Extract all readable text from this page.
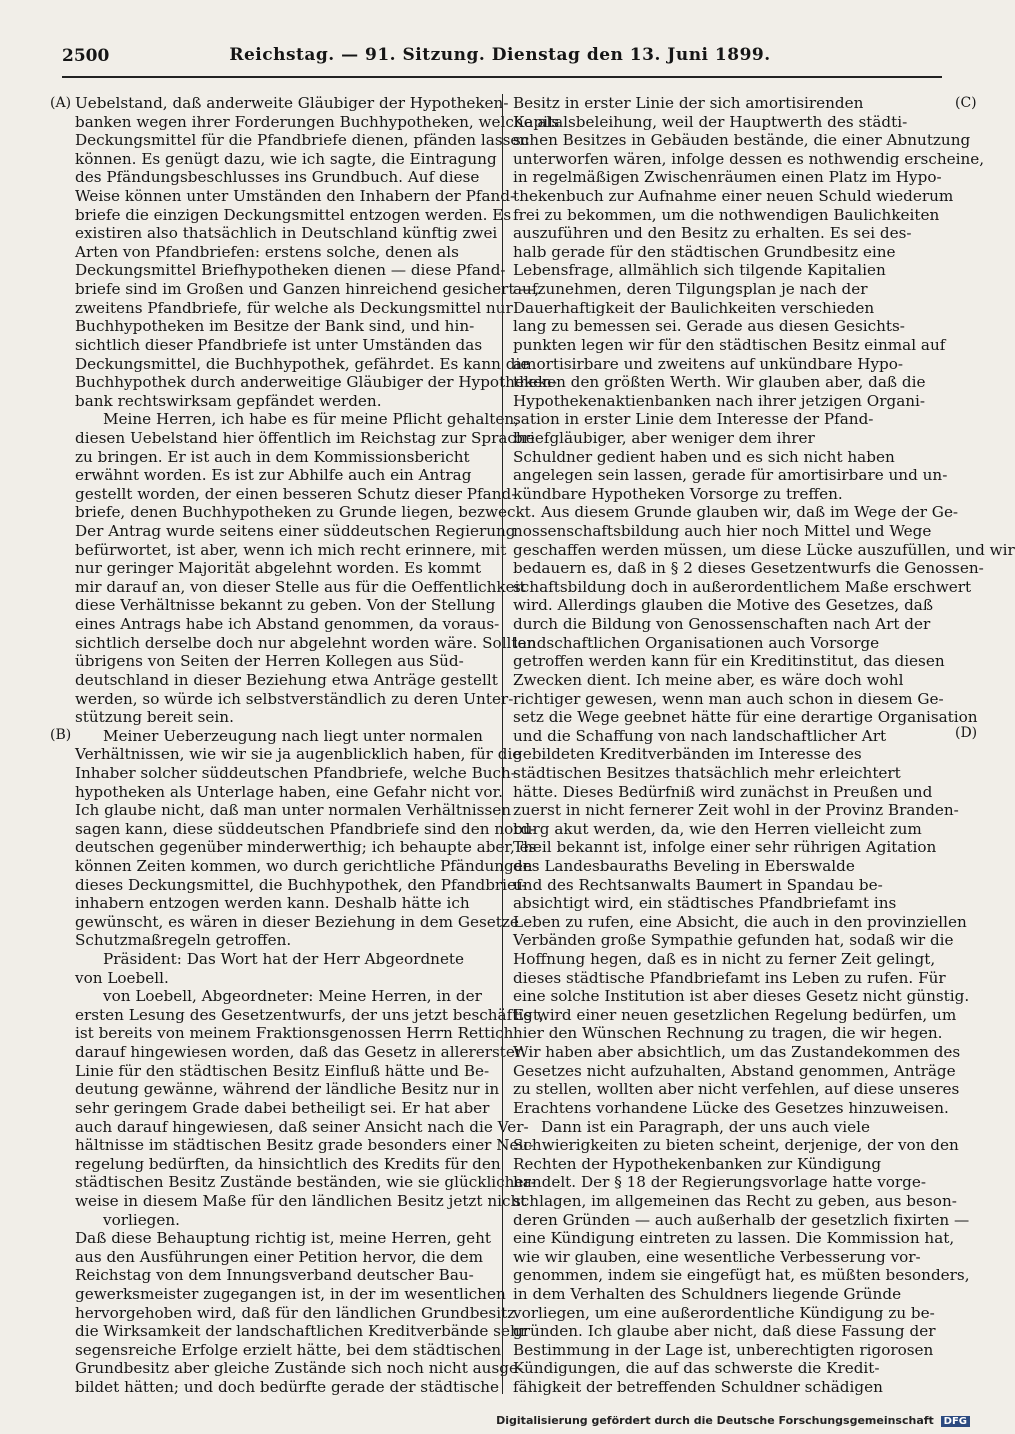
2500	Reichstag. — 91. Sitzung. Dienstag den 13. Juni 1899.
(A)
(B)
(C)
(D)
Uebelstand, daß anderweite Gläubiger der Hypotheken-
banken wegen ihrer Forderungen Buchhypotheken, welche als
Deckungsmittel für die Pfandbriefe dienen, pfänden lassen
können. Es genügt dazu, wie ich sagte, die Eintragung
des Pfändungsbeschlusses ins Grundbuch. Auf diese
Weise können unter Umständen den Inhabern der Pfand-
briefe die einzigen Deckungsmittel entzogen werden. Es
existiren also thatsächlich in Deutschland künftig zwei
Arten von Pfandbriefen: erstens solche, denen als
Deckungsmittel Briefhypotheken dienen — diese Pfand-
briefe sind im Großen und Ganzen hinreichend gesichert —,
zweitens Pfandbriefe, für welche als Deckungsmittel nur
Buchhypotheken im Besitze der Bank sind, und hin-
sichtlich dieser Pfandbriefe ist unter Umständen das
Deckungsmittel, die Buchhypothek, gefährdet. Es kann die
Buchhypothek durch anderweitige Gläubiger der Hypotheken-
bank rechtswirksam gepfändet werden.
Meine Herren, ich habe es für meine Pflicht gehalten,
diesen Uebelstand hier öffentlich im Reichstag zur Sprache
zu bringen. Er ist auch in dem Kommissionsbericht
erwähnt worden. Es ist zur Abhilfe auch ein Antrag
gestellt worden, der einen besseren Schutz dieser Pfand-
briefe, denen Buchhypotheken zu Grunde liegen, bezweckt.
Der Antrag wurde seitens einer süddeutschen Regierung
befürwortet, ist aber, wenn ich mich recht erinnere, mit
nur geringer Majorität abgelehnt worden. Es kommt
mir darauf an, von dieser Stelle aus für die Oeffentlichkeit
diese Verhältnisse bekannt zu geben. Von der Stellung
eines Antrags habe ich Abstand genommen, da voraus-
sichtlich derselbe doch nur abgelehnt worden wäre. Sollten
übrigens von Seiten der Herren Kollegen aus Süd-
deutschland in dieser Beziehung etwa Anträge gestellt
werden, so würde ich selbstverständlich zu deren Unter-
stützung bereit sein.
Meiner Ueberzeugung nach liegt unter normalen
Verhältnissen, wie wir sie ja augenblicklich haben, für die
Inhaber solcher süddeutschen Pfandbriefe, welche Buch-
hypotheken als Unterlage haben, eine Gefahr nicht vor.
Ich glaube nicht, daß man unter normalen Verhältnissen
sagen kann, diese süddeutschen Pfandbriefe sind den nord-
deutschen gegenüber minderwerthig; ich behaupte aber, es
können Zeiten kommen, wo durch gerichtliche Pfändungen
dieses Deckungsmittel, die Buchhypothek, den Pfandbrief-
inhabern entzogen werden kann. Deshalb hätte ich
gewünscht, es wären in dieser Beziehung in dem Gesetze
Schutzmaßregeln getroffen.
Präsident: Das Wort hat der Herr Abgeordnete
von Loebell.
von Loebell, Abgeordneter: Meine Herren, in der
ersten Lesung des Gesetzentwurfs, der uns jetzt beschäftigt,
ist bereits von meinem Fraktionsgenossen Herrn Rettich
darauf hingewiesen worden, daß das Gesetz in allererster
Linie für den städtischen Besitz Einfluß hätte und Be-
deutung gewänne, während der ländliche Besitz nur in
sehr geringem Grade dabei betheiligt sei. Er hat aber
auch darauf hingewiesen, daß seiner Ansicht nach die Ver-
hältnisse im städtischen Besitz grade besonders einer Neu-
regelung bedürften, da hinsichtlich des Kredits für den
städtischen Besitz Zustände beständen, wie sie glücklicher-
weise in diesem Maße für den ländlichen Besitz jetzt nicht
vorliegen.
Daß diese Behauptung richtig ist, meine Herren, geht
aus den Ausführungen einer Petition hervor, die dem
Reichstag von dem Innungsverband deutscher Bau-
gewerksmeister zugegangen ist, in der im wesentlichen
hervorgehoben wird, daß für den ländlichen Grundbesitz
die Wirksamkeit der landschaftlichen Kreditverbände sehr
segensreiche Erfolge erzielt hätte, bei dem städtischen
Grundbesitz aber gleiche Zustände sich noch nicht ausge-
bildet hätten; und doch bedürfte gerade der städtische
Besitz in erster Linie der sich amortisirenden
Kapitalsbeleihung, weil der Hauptwerth des städti-
schen Besitzes in Gebäuden bestände, die einer Abnutzung
unterworfen wären, infolge dessen es nothwendig erscheine,
in regelmäßigen Zwischenräumen einen Platz im Hypo-
thekenbuch zur Aufnahme einer neuen Schuld wiederum
frei zu bekommen, um die nothwendigen Baulichkeiten
auszuführen und den Besitz zu erhalten. Es sei des-
halb gerade für den städtischen Grundbesitz eine
Lebensfrage, allmählich sich tilgende Kapitalien
aufzunehmen, deren Tilgungsplan je nach der
Dauerhaftigkeit der Baulichkeiten verschieden
lang zu bemessen sei. Gerade aus diesen Gesichts-
punkten legen wir für den städtischen Besitz einmal auf
amortisirbare und zweitens auf unkündbare Hypo-
theken den größten Werth. Wir glauben aber, daß die
Hypothekenaktienbanken nach ihrer jetzigen Organi-
sation in erster Linie dem Interesse der Pfand-
briefgläubiger, aber weniger dem ihrer
Schuldner gedient haben und es sich nicht haben
angelegen sein lassen, gerade für amortisirbare und un-
kündbare Hypotheken Vorsorge zu treffen.
Aus diesem Grunde glauben wir, daß im Wege der Ge-
nossenschaftsbildung auch hier noch Mittel und Wege
geschaffen werden müssen, um diese Lücke auszufüllen, und wir
bedauern es, daß in § 2 dieses Gesetzentwurfs die Genossen-
schaftsbildung doch in außerordentlichem Maße erschwert
wird. Allerdings glauben die Motive des Gesetzes, daß
durch die Bildung von Genossenschaften nach Art der
landschaftlichen Organisationen auch Vorsorge
getroffen werden kann für ein Kreditinstitut, das diesen
Zwecken dient. Ich meine aber, es wäre doch wohl
richtiger gewesen, wenn man auch schon in diesem Ge-
setz die Wege geebnet hätte für eine derartige Organisation
und die Schaffung von nach landschaftlicher Art
gebildeten Kreditverbänden im Interesse des
städtischen Besitzes thatsächlich mehr erleichtert
hätte. Dieses Bedürfniß wird zunächst in Preußen und
zuerst in nicht fernerer Zeit wohl in der Provinz Branden-
burg akut werden, da, wie den Herren vielleicht zum
Theil bekannt ist, infolge einer sehr rührigen Agitation
des Landesbauraths Beveling in Eberswalde
und des Rechtsanwalts Baumert in Spandau be-
absichtigt wird, ein städtisches Pfandbriefamt ins
Leben zu rufen, eine Absicht, die auch in den provinziellen
Verbänden große Sympathie gefunden hat, sodaß wir die
Hoffnung hegen, daß es in nicht zu ferner Zeit gelingt,
dieses städtische Pfandbriefamt ins Leben zu rufen. Für
eine solche Institution ist aber dieses Gesetz nicht günstig.
Es wird einer neuen gesetzlichen Regelung bedürfen, um
hier den Wünschen Rechnung zu tragen, die wir hegen.
Wir haben aber absichtlich, um das Zustandekommen des
Gesetzes nicht aufzuhalten, Abstand genommen, Anträge
zu stellen, wollten aber nicht verfehlen, auf diese unseres
Erachtens vorhandene Lücke des Gesetzes hinzuweisen.
Dann ist ein Paragraph, der uns auch viele
Schwierigkeiten zu bieten scheint, derjenige, der von den
Rechten der Hypothekenbanken zur Kündigung
handelt. Der § 18 der Regierungsvorlage hatte vorge-
schlagen, im allgemeinen das Recht zu geben, aus beson-
deren Gründen — auch außerhalb der gesetzlich fixirten —
eine Kündigung eintreten zu lassen. Die Kommission hat,
wie wir glauben, eine wesentliche Verbesserung vor-
genommen, indem sie eingefügt hat, es müßten besonders,
in dem Verhalten des Schuldners liegende Gründe
vorliegen, um eine außerordentliche Kündigung zu be-
gründen. Ich glaube aber nicht, daß diese Fassung der
Bestimmung in der Lage ist, unberechtigten rigorosen
Kündigungen, die auf das schwerste die Kredit-
fähigkeit der betreffenden Schuldner schädigen
Digitalisierung gefördert durch die Deutsche Forschungsgemeinschaft DFG
